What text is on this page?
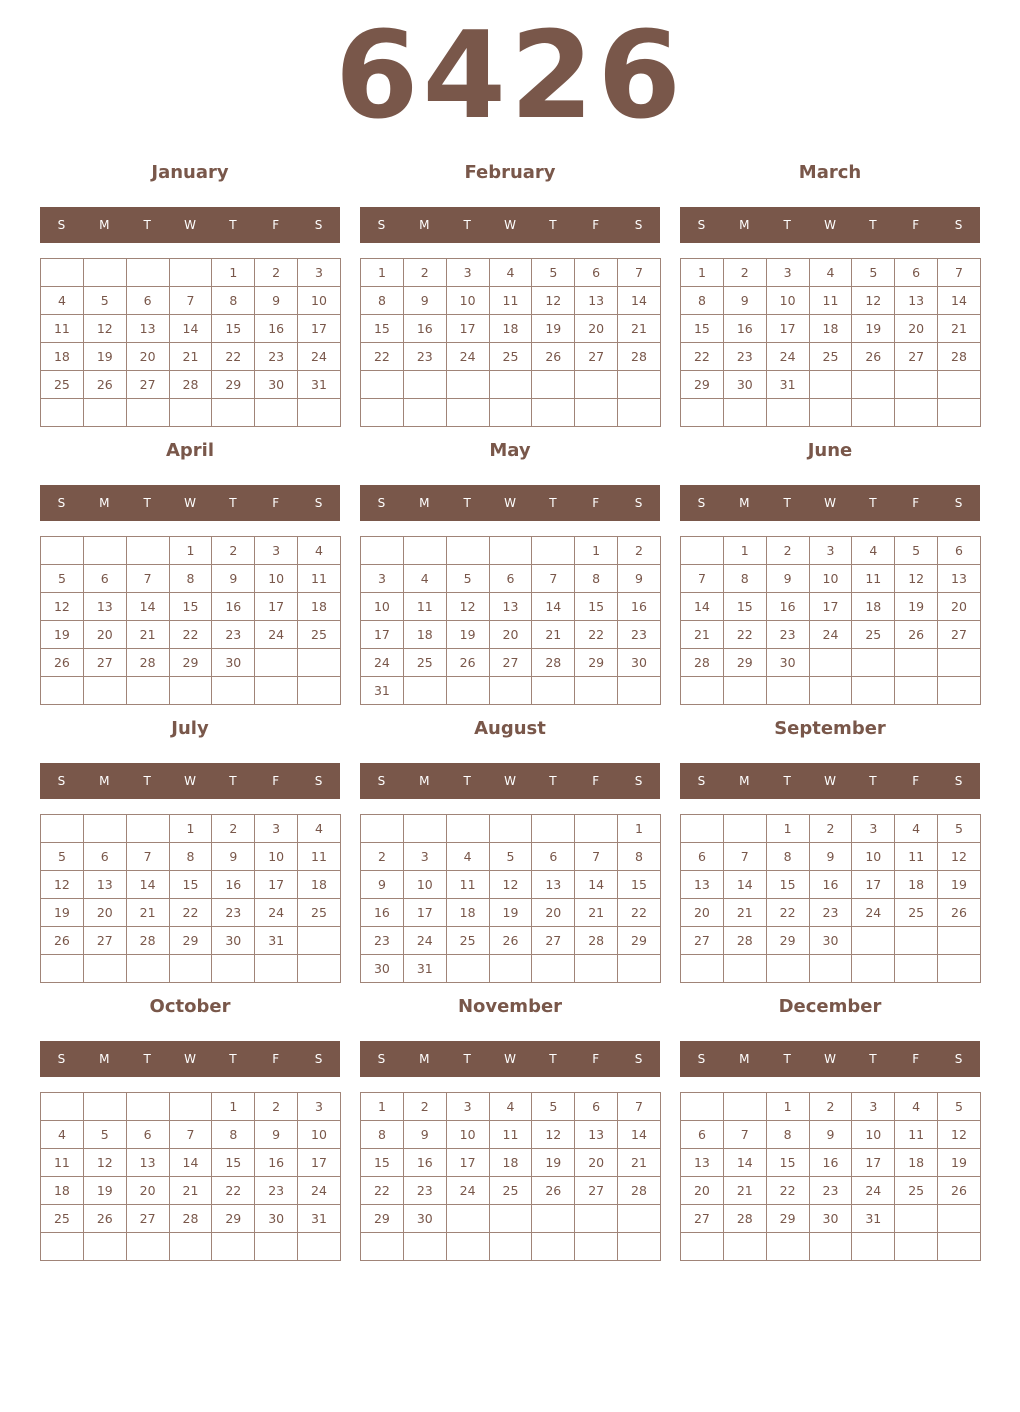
6426
January
S	M	T	W	T	F	S
				1	2	3
4	5	6	7	8	9	10
11	12	13	14	15	16	17
18	19	20	21	22	23	24
25	26	27	28	29	30	31

February
S	M	T	W	T	F	S
1	2	3	4	5	6	7
8	9	10	11	12	13	14
15	16	17	18	19	20	21
22	23	24	25	26	27	28

March
S	M	T	W	T	F	S
1	2	3	4	5	6	7
8	9	10	11	12	13	14
15	16	17	18	19	20	21
22	23	24	25	26	27	28
29	30	31				

April
S	M	T	W	T	F	S
			1	2	3	4
5	6	7	8	9	10	11
12	13	14	15	16	17	18
19	20	21	22	23	24	25
26	27	28	29	30		

May
S	M	T	W	T	F	S
					1	2
3	4	5	6	7	8	9
10	11	12	13	14	15	16
17	18	19	20	21	22	23
24	25	26	27	28	29	30
31						
June
S	M	T	W	T	F	S
	1	2	3	4	5	6
7	8	9	10	11	12	13
14	15	16	17	18	19	20
21	22	23	24	25	26	27
28	29	30				

July
S	M	T	W	T	F	S
			1	2	3	4
5	6	7	8	9	10	11
12	13	14	15	16	17	18
19	20	21	22	23	24	25
26	27	28	29	30	31	

August
S	M	T	W	T	F	S
						1
2	3	4	5	6	7	8
9	10	11	12	13	14	15
16	17	18	19	20	21	22
23	24	25	26	27	28	29
30	31					
September
S	M	T	W	T	F	S
		1	2	3	4	5
6	7	8	9	10	11	12
13	14	15	16	17	18	19
20	21	22	23	24	25	26
27	28	29	30			

October
S	M	T	W	T	F	S
				1	2	3
4	5	6	7	8	9	10
11	12	13	14	15	16	17
18	19	20	21	22	23	24
25	26	27	28	29	30	31

November
S	M	T	W	T	F	S
1	2	3	4	5	6	7
8	9	10	11	12	13	14
15	16	17	18	19	20	21
22	23	24	25	26	27	28
29	30					

December
S	M	T	W	T	F	S
		1	2	3	4	5
6	7	8	9	10	11	12
13	14	15	16	17	18	19
20	21	22	23	24	25	26
27	28	29	30	31		
